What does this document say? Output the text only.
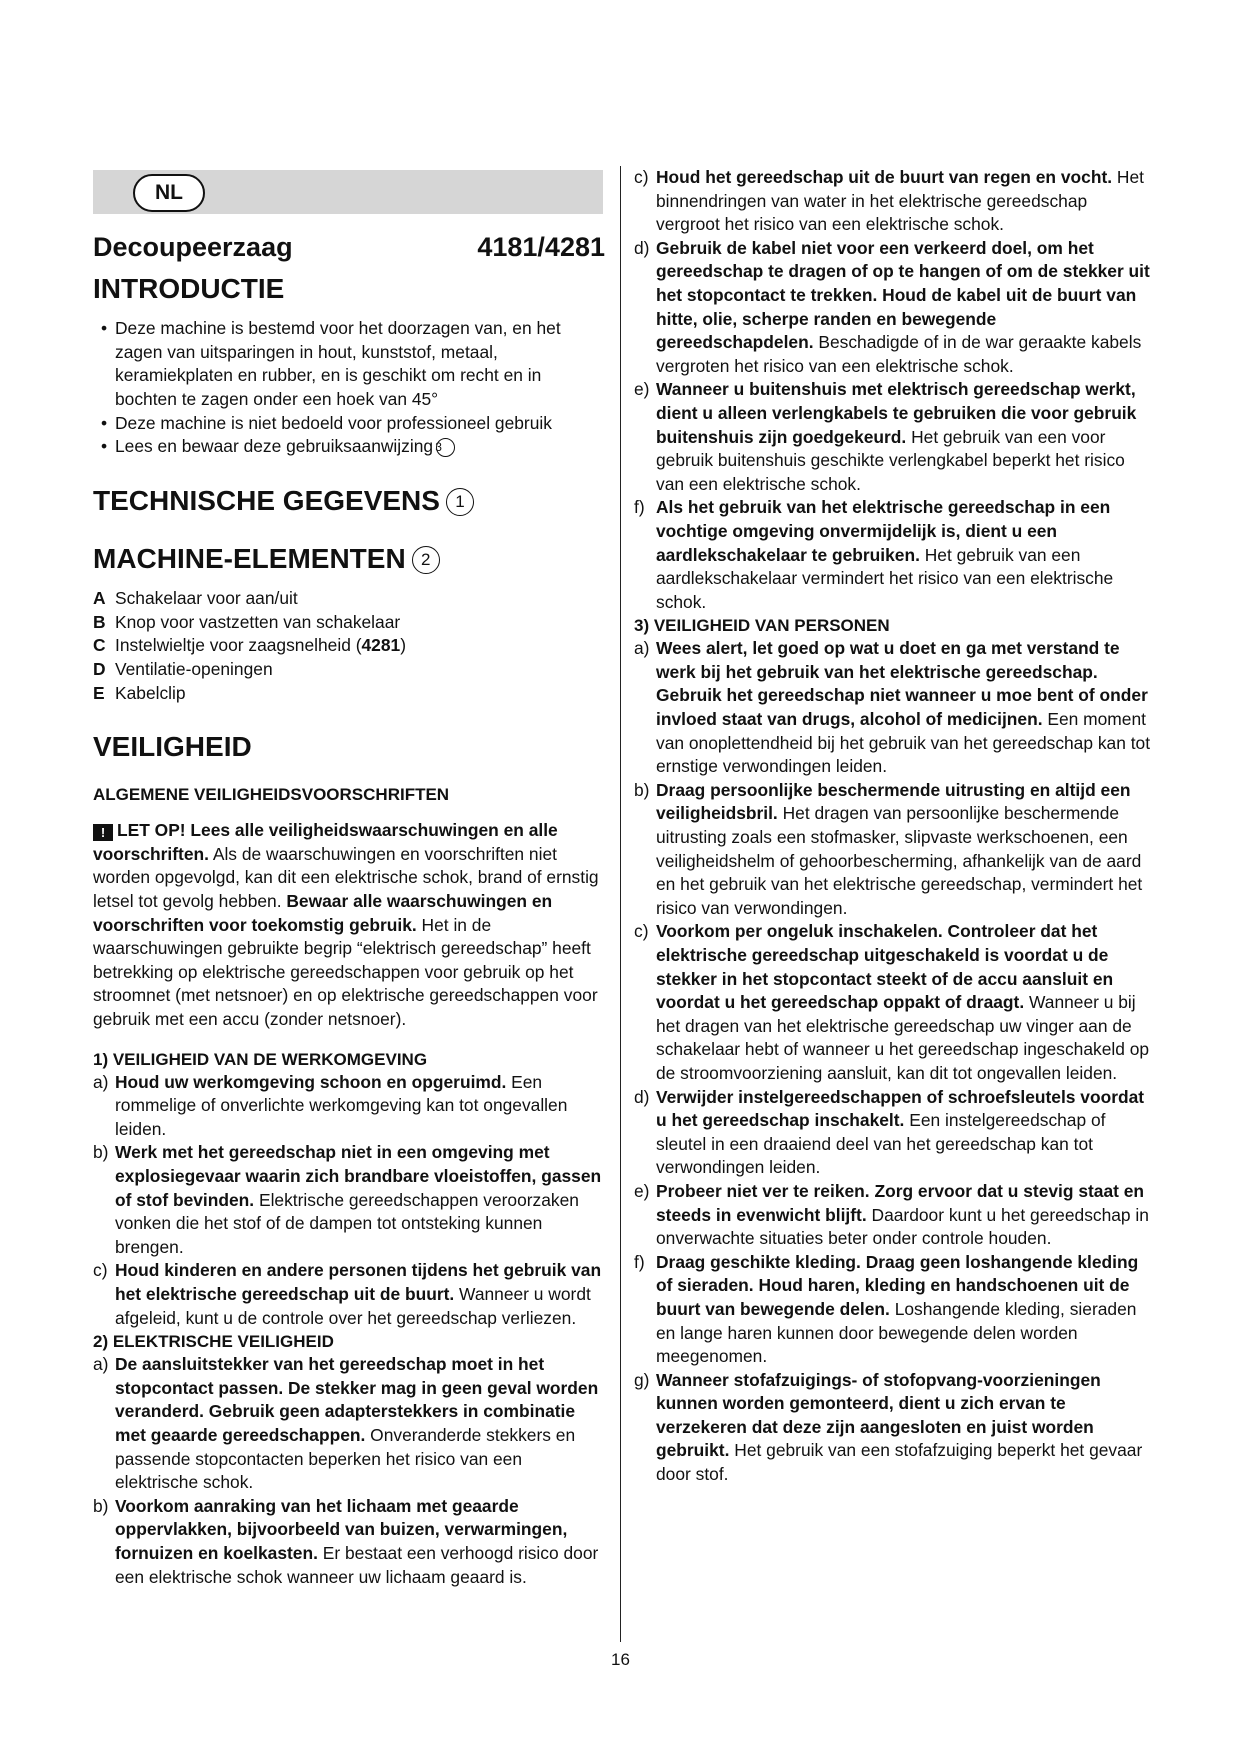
NL
Decoupeerzaag	4181/4281
INTRODUCTIE
• Deze machine is bestemd voor het doorzagen van, en het zagen van uitsparingen in hout, kunststof, metaal, keramiekplaten en rubber, en is geschikt om recht en in bochten te zagen onder een hoek van 45°
• Deze machine is niet bedoeld voor professioneel gebruik
• Lees en bewaar deze gebruiksaanwijzing 3
TECHNISCHE GEGEVENS 1
MACHINE-ELEMENTEN 2
A Schakelaar voor aan/uit
B Knop voor vastzetten van schakelaar
C Instelwieltje voor zaagsnelheid (4281)
D Ventilatie-openingen
E Kabelclip
VEILIGHEID
ALGEMENE VEILIGHEIDSVOORSCHRIFTEN

! LET OP! Lees alle veiligheidswaarschuwingen en alle voorschriften. Als de waarschuwingen en voorschriften niet worden opgevolgd, kan dit een elektrische schok, brand of ernstig letsel tot gevolg hebben. Bewaar alle waarschuwingen en voorschriften voor toekomstig gebruik. Het in de waarschuwingen gebruikte begrip “elektrisch gereedschap” heeft betrekking op elektrische gereedschappen voor gebruik op het stroomnet (met netsnoer) en op elektrische gereedschappen voor gebruik met een accu (zonder netsnoer).

1) VEILIGHEID VAN DE WERKOMGEVING
a) Houd uw werkomgeving schoon en opgeruimd. Een rommelige of onverlichte werkomgeving kan tot ongevallen leiden.
b) Werk met het gereedschap niet in een omgeving met explosiegevaar waarin zich brandbare vloeistoffen, gassen of stof bevinden. Elektrische gereedschappen veroorzaken vonken die het stof of de dampen tot ontsteking kunnen brengen.
c) Houd kinderen en andere personen tijdens het gebruik van het elektrische gereedschap uit de buurt. Wanneer u wordt afgeleid, kunt u de controle over het gereedschap verliezen.
2) ELEKTRISCHE VEILIGHEID
a) De aansluitstekker van het gereedschap moet in het stopcontact passen. De stekker mag in geen geval worden veranderd. Gebruik geen adapterstekkers in combinatie met geaarde gereedschappen. Onveranderde stekkers en passende stopcontacten beperken het risico van een elektrische schok.
b) Voorkom aanraking van het lichaam met geaarde oppervlakken, bijvoorbeeld van buizen, verwarmingen, fornuizen en koelkasten. Er bestaat een verhoogd risico door een elektrische schok wanneer uw lichaam geaard is.
c) Houd het gereedschap uit de buurt van regen en vocht. Het binnendringen van water in het elektrische gereedschap vergroot het risico van een elektrische schok.
d) Gebruik de kabel niet voor een verkeerd doel, om het gereedschap te dragen of op te hangen of om de stekker uit het stopcontact te trekken. Houd de kabel uit de buurt van hitte, olie, scherpe randen en bewegende gereedschapdelen. Beschadigde of in de war geraakte kabels vergroten het risico van een elektrische schok.
e) Wanneer u buitenshuis met elektrisch gereedschap werkt, dient u alleen verlengkabels te gebruiken die voor gebruik buitenshuis zijn goedgekeurd. Het gebruik van een voor gebruik buitenshuis geschikte verlengkabel beperkt het risico van een elektrische schok.
f) Als het gebruik van het elektrische gereedschap in een vochtige omgeving onvermijdelijk is, dient u een aardlekschakelaar te gebruiken. Het gebruik van een aardlekschakelaar vermindert het risico van een elektrische schok.
3) VEILIGHEID VAN PERSONEN
a) Wees alert, let goed op wat u doet en ga met verstand te werk bij het gebruik van het elektrische gereedschap. Gebruik het gereedschap niet wanneer u moe bent of onder invloed staat van drugs, alcohol of medicijnen. Een moment van onoplettendheid bij het gebruik van het gereedschap kan tot ernstige verwondingen leiden.
b) Draag persoonlijke beschermende uitrusting en altijd een veiligheidsbril. Het dragen van persoonlijke beschermende uitrusting zoals een stofmasker, slipvaste werkschoenen, een veiligheidshelm of gehoorbescherming, afhankelijk van de aard en het gebruik van het elektrische gereedschap, vermindert het risico van verwondingen.
c) Voorkom per ongeluk inschakelen. Controleer dat het elektrische gereedschap uitgeschakeld is voordat u de stekker in het stopcontact steekt of de accu aansluit en voordat u het gereedschap oppakt of draagt. Wanneer u bij het dragen van het elektrische gereedschap uw vinger aan de schakelaar hebt of wanneer u het gereedschap ingeschakeld op de stroomvoorziening aansluit, kan dit tot ongevallen leiden.
d) Verwijder instelgereedschappen of schroefsleutels voordat u het gereedschap inschakelt. Een instelgereedschap of sleutel in een draaiend deel van het gereedschap kan tot verwondingen leiden.
e) Probeer niet ver te reiken. Zorg ervoor dat u stevig staat en steeds in evenwicht blijft. Daardoor kunt u het gereedschap in onverwachte situaties beter onder controle houden.
f) Draag geschikte kleding. Draag geen loshangende kleding of sieraden. Houd haren, kleding en handschoenen uit de buurt van bewegende delen. Loshangende kleding, sieraden en lange haren kunnen door bewegende delen worden meegenomen.
g) Wanneer stofafzuigings- of stofopvang-voorzieningen kunnen worden gemonteerd, dient u zich ervan te verzekeren dat deze zijn aangesloten en juist worden gebruikt. Het gebruik van een stofafzuiging beperkt het gevaar door stof.
16
